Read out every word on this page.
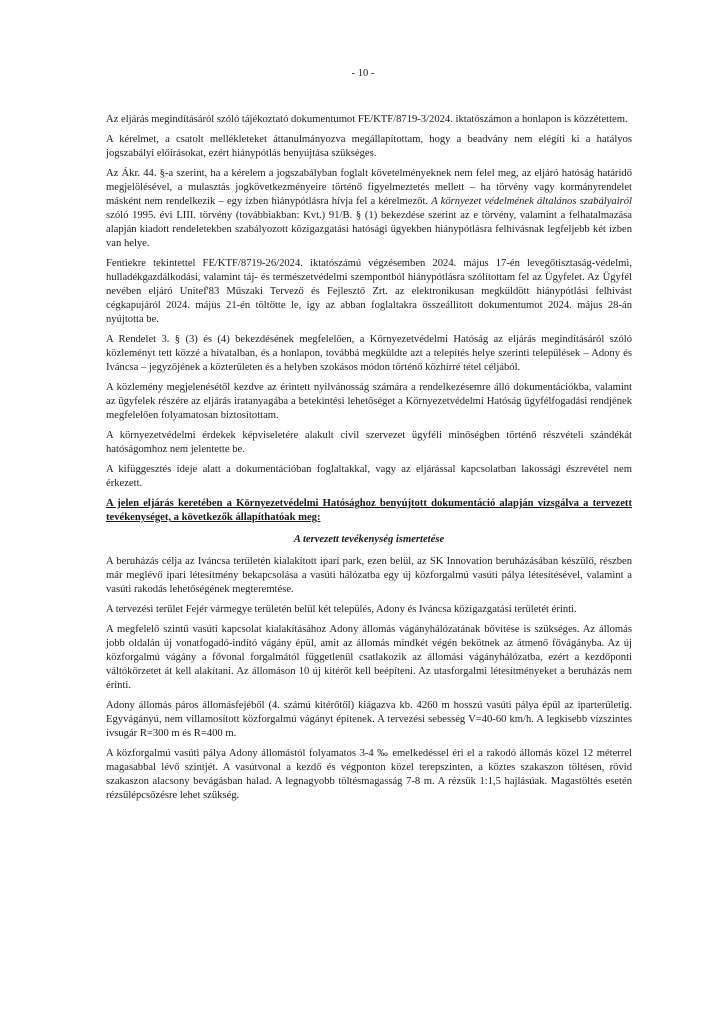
- 10 -

Az eljárás megindításáról szóló tájékoztató dokumentumot FE/KTF/8719-3/2024. iktatószámon a honlapon is közzétettem.

A kérelmet, a csatolt mellékleteket áttanulmányozva megállapítottam, hogy a beadvány nem elégíti ki a hatályos jogszabályi előírásokat, ezért hiánypótlás benyújtása szükséges.

Az Ákr. 44. §-a szerint, ha a kérelem a jogszabályban foglalt követelményeknek nem felel meg, az eljáró hatóság határidő megjelölésével, a mulasztás jogkövetkezményeire történő figyelmeztetés mellett – ha törvény vagy kormányrendelet másként nem rendelkezik – egy ízben hiánypótlásra hívja fel a kérelmezőt. A környezet védelmének általános szabályairól szóló 1995. évi LIII. törvény (továbbiakban: Kvt.) 91/B. § (1) bekezdése szerint az e törvény, valamint a felhatalmazása alapján kiadott rendeletekben szabályozott közigazgatási hatósági ügyekben hiánypótlásra felhívásnak legfeljebb két ízben van helye.

Fentiekre tekintettel FE/KTF/8719-26/2024. iktatószámú végzésemben 2024. május 17-én levegőtisztaság-védelmi, hulladékgazdálkodási, valamint táj- és természetvédelmi szempontból hiánypótlásra szólítottam fel az Ügyfelet. Az Ügyfél nevében eljáró Unitef'83 Műszaki Tervező és Fejlesztő Zrt. az elektronikusan megküldött hiánypótlási felhívást cégkapujáról 2024. május 21-én töltötte le, így az abban foglaltakra összeállított dokumentumot 2024. május 28-án nyújtotta be.

A Rendelet 3. § (3) és (4) bekezdésének megfelelően, a Környezetvédelmi Hatóság az eljárás megindításáról szóló közleményt tett közzé a hivatalban, és a honlapon, továbbá megküldte azt a telepítés helye szerinti települések – Adony és Iváncsa – jegyzőjének a közterületen és a helyben szokásos módon történő közhírré tétel céljából.

A közlemény megjelenésétől kezdve az érintett nyilvánosság számára a rendelkezésemre álló dokumentációkba, valamint az ügyfelek részére az eljárás iratanyagába a betekintési lehetőséget a Környezetvédelmi Hatóság ügyfélfogadási rendjének megfelelően folyamatosan biztosítottam.

A környezetvédelmi érdekek képviseletére alakult civil szervezet ügyféli minőségben történő részvételi szándékát hatóságomhoz nem jelentette be.

A kifüggesztés ideje alatt a dokumentációban foglaltakkal, vagy az eljárással kapcsolatban lakossági észrevétel nem érkezett.

A jelen eljárás keretében a Környezetvédelmi Hatósághoz benyújtott dokumentáció alapján vizsgálva a tervezett tevékenységet, a következők állapíthatóak meg:
A tervezett tevékenység ismertetése

A beruházás célja az Iváncsa területén kialakított ipari park, ezen belül, az SK Innovation beruházásában készülő, részben már meglévő ipari létesítmény bekapcsolása a vasúti hálózatba egy új közforgalmú vasúti pálya létesítésével, valamint a vasúti rakodás lehetőségének megteremtése.

A tervezési terület Fejér vármegye területén belül két település, Adony és Iváncsa közigazgatási területét érinti.

A megfelelő szintű vasúti kapcsolat kialakításához Adony állomás vágányhálózatának bővítése is szükséges. Az állomás jobb oldalán új vonatfogadó-indító vágány épül, amit az állomás mindkét végén bekötnek az átmenő fővágányba. Az új közforgalmú vágány a fővonal forgalmától függetlenül csatlakozik az állomási vágányhálózatba, ezért a kezdőponti váltókörzetet át kell alakítani. Az állomáson 10 új kitérőt kell beépíteni. Az utasforgalmi létesítményeket a beruházás nem érinti.

Adony állomás páros állomásfejéből (4. számú kitérőtől) kiágazva kb. 4260 m hosszú vasúti pálya épül az iparterületig. Egyvágányú, nem villamosított közforgalmú vágányt építenek. A tervezési sebesség V=40-60 km/h. A legkisebb vízszintes ívsugár R=300 m és R=400 m.

A közforgalmú vasúti pálya Adony állomástól folyamatos 3-4 ‰ emelkedéssel éri el a rakodó állomás közel 12 méterrel magasabbal lévő szintjét. A vasútvonal a kezdő és végponton közel terepszinten, a köztes szakaszon töltésen, rövid szakaszon alacsony bevágásban halad. A legnagyobb töltésmagasság 7-8 m. A rézsűk 1:1,5 hajlásúak. Magastöltés esetén rézsűlépcsőzésre lehet szükség.
